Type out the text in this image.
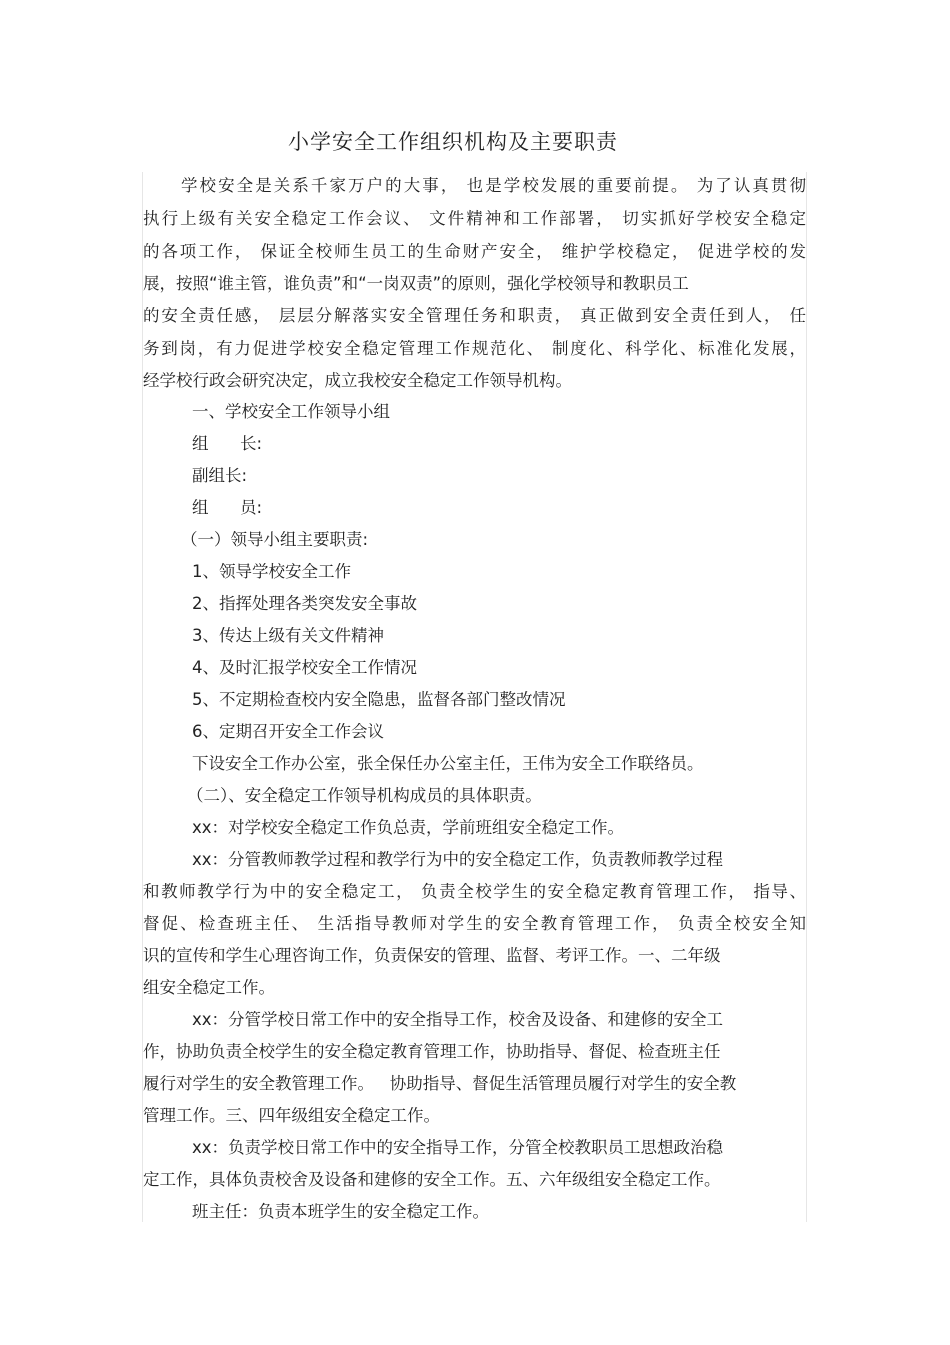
小学安全工作组织机构及主要职责
学校安全是关系千家万户的大事， 也是学校发展的重要前提。 为了认真贯彻
执行上级有关安全稳定工作会议、 文件精神和工作部署， 切实抓好学校安全稳定
的各项工作， 保证全校师生员工的生命财产安全， 维护学校稳定， 促进学校的发
展，按照“谁主管，谁负责”和“一岗双责”的原则，强化学校领导和教职员工
的安全责任感， 层层分解落实安全管理任务和职责， 真正做到安全责任到人， 任
务到岗，有力促进学校安全稳定管理工作规范化、 制度化、科学化、标准化发展，
经学校行政会研究决定，成立我校安全稳定工作领导机构。
一、学校安全工作领导小组
组      长:
副组长:
组      员:
（一）领导小组主要职责:
1、领导学校安全工作
2、指挥处理各类突发安全事故
3、传达上级有关文件精神
4、及时汇报学校安全工作情况
5、不定期检查校内安全隐患，监督各部门整改情况
6、定期召开安全工作会议
下设安全工作办公室，张全保任办公室主任，王伟为安全工作联络员。
（二）、安全稳定工作领导机构成员的具体职责。
xx：对学校安全稳定工作负总责，学前班组安全稳定工作。
xx：分管教师教学过程和教学行为中的安全稳定工作，负责教师教学过程
和教师教学行为中的安全稳定工， 负责全校学生的安全稳定教育管理工作， 指导、
督促、检查班主任、 生活指导教师对学生的安全教育管理工作， 负责全校安全知
识的宣传和学生心理咨询工作，负责保安的管理、监督、考评工作。一、二年级
组安全稳定工作。
xx：分管学校日常工作中的安全指导工作，校舍及设备、和建修的安全工
作，协助负责全校学生的安全稳定教育管理工作，协助指导、督促、检查班主任
履行对学生的安全教管理工作。   协助指导、督促生活管理员履行对学生的安全教
管理工作。三、四年级组安全稳定工作。
xx：负责学校日常工作中的安全指导工作，分管全校教职员工思想政治稳
定工作，具体负责校舍及设备和建修的安全工作。五、六年级组安全稳定工作。
班主任：负责本班学生的安全稳定工作。
